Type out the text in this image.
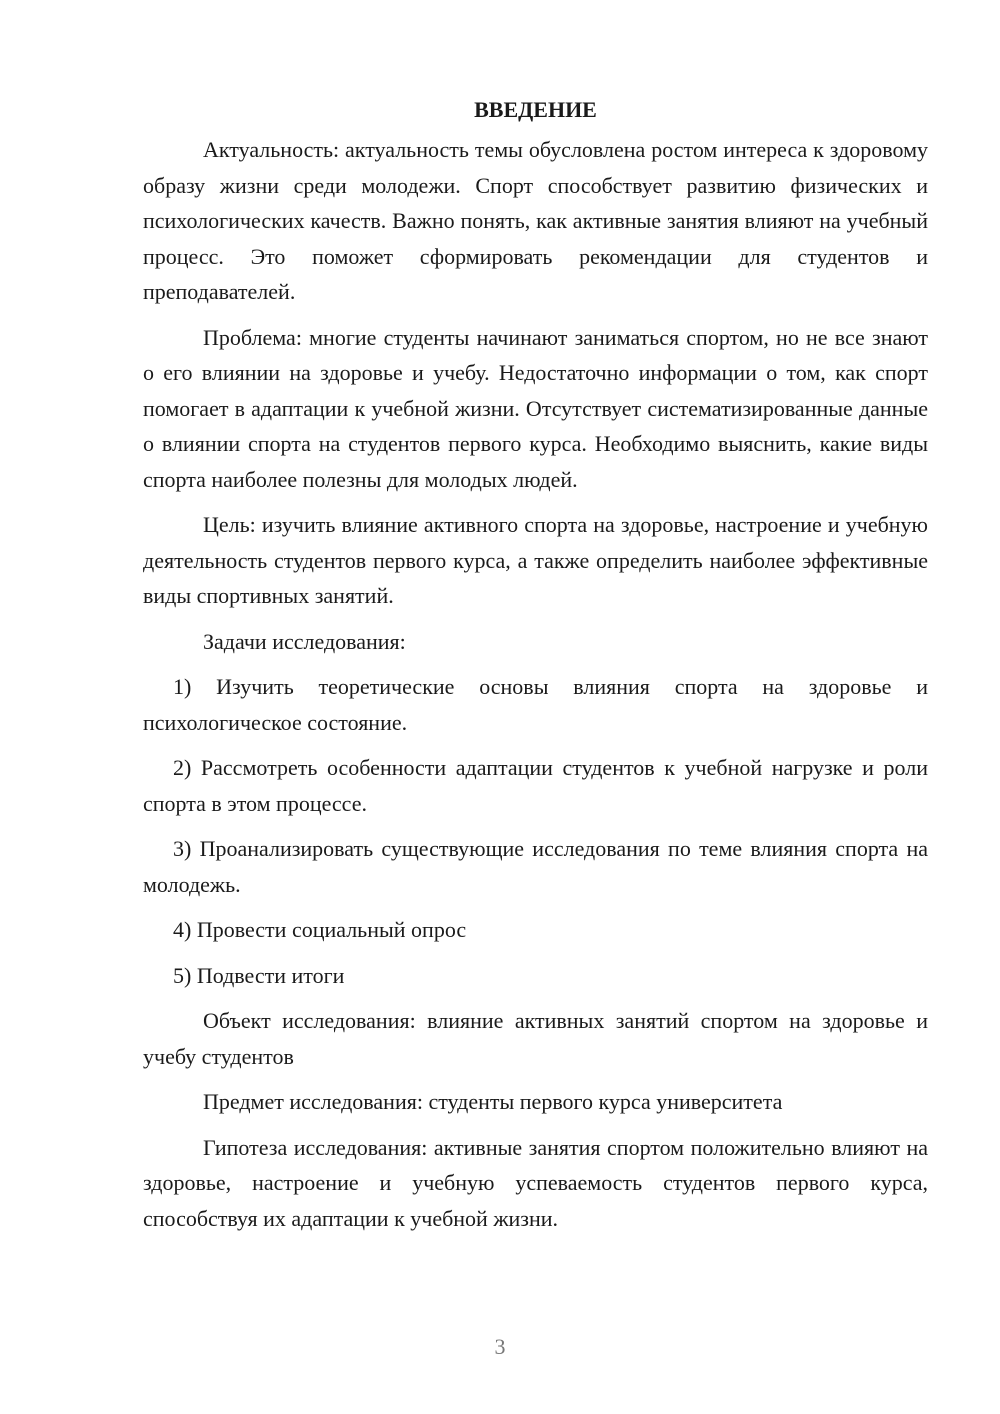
ВВЕДЕНИЕ

Актуальность: актуальность темы обусловлена ростом интереса к здоровому образу жизни среди молодежи. Спорт способствует развитию физических и психологических качеств. Важно понять, как активные занятия влияют на учебный процесс. Это поможет сформировать рекомендации для студентов и преподавателей.

Проблема: многие студенты начинают заниматься спортом, но не все знают о его влиянии на здоровье и учебу. Недостаточно информации о том, как спорт помогает в адаптации к учебной жизни. Отсутствует систематизированные данные о влиянии спорта на студентов первого курса. Необходимо выяснить, какие виды спорта наиболее полезны для молодых людей.

Цель: изучить влияние активного спорта на здоровье, настроение и учебную деятельность студентов первого курса, а также определить наиболее эффективные виды спортивных занятий.

Задачи исследования:

1) Изучить теоретические основы влияния спорта на здоровье и психологическое состояние.

2) Рассмотреть особенности адаптации студентов к учебной нагрузке и роли спорта в этом процессе.

3) Проанализировать существующие исследования по теме влияния спорта на молодежь.

4) Провести социальный опрос

5) Подвести итоги

Объект исследования: влияние активных занятий спортом на здоровье и учебу студентов

Предмет исследования: студенты первого курса университета

Гипотеза исследования: активные занятия спортом положительно влияют на здоровье, настроение и учебную успеваемость студентов первого курса, способствуя их адаптации к учебной жизни.

3
